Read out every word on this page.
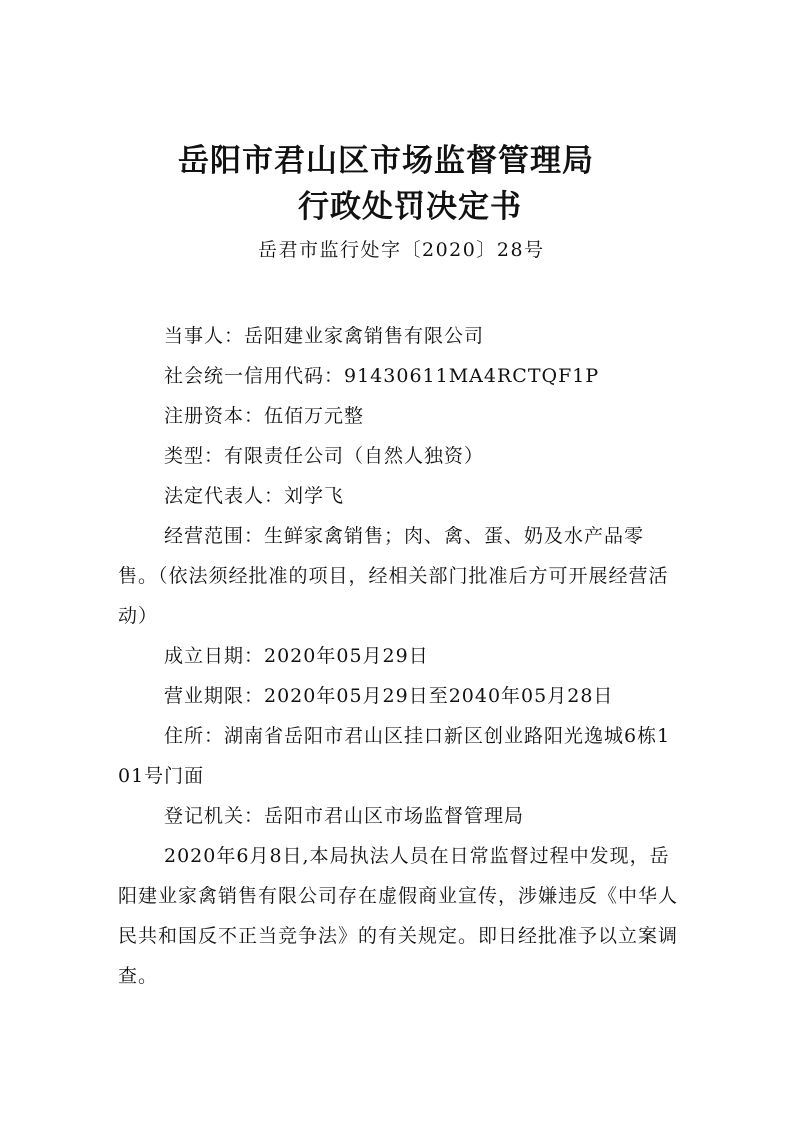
岳阳市君山区市场监督管理局
行政处罚决定书
岳君市监行处字〔2020〕28号

当事人：岳阳建业家禽销售有限公司

社会统一信用代码：91430611MA4RCTQF1P

注册资本：伍佰万元整

类型：有限责任公司（自然人独资）

法定代表人：刘学飞

经营范围：生鲜家禽销售；肉、禽、蛋、奶及水产品零售。（依法须经批准的项目，经相关部门批准后方可开展经营活动）

成立日期：2020年05月29日

营业期限：2020年05月29日至2040年05月28日

住所：湖南省岳阳市君山区挂口新区创业路阳光逸城6栋101号门面

登记机关：岳阳市君山区市场监督管理局

2020年6月8日,本局执法人员在日常监督过程中发现，岳阳建业家禽销售有限公司存在虚假商业宣传，涉嫌违反《中华人民共和国反不正当竞争法》的有关规定。即日经批准予以立案调查。
